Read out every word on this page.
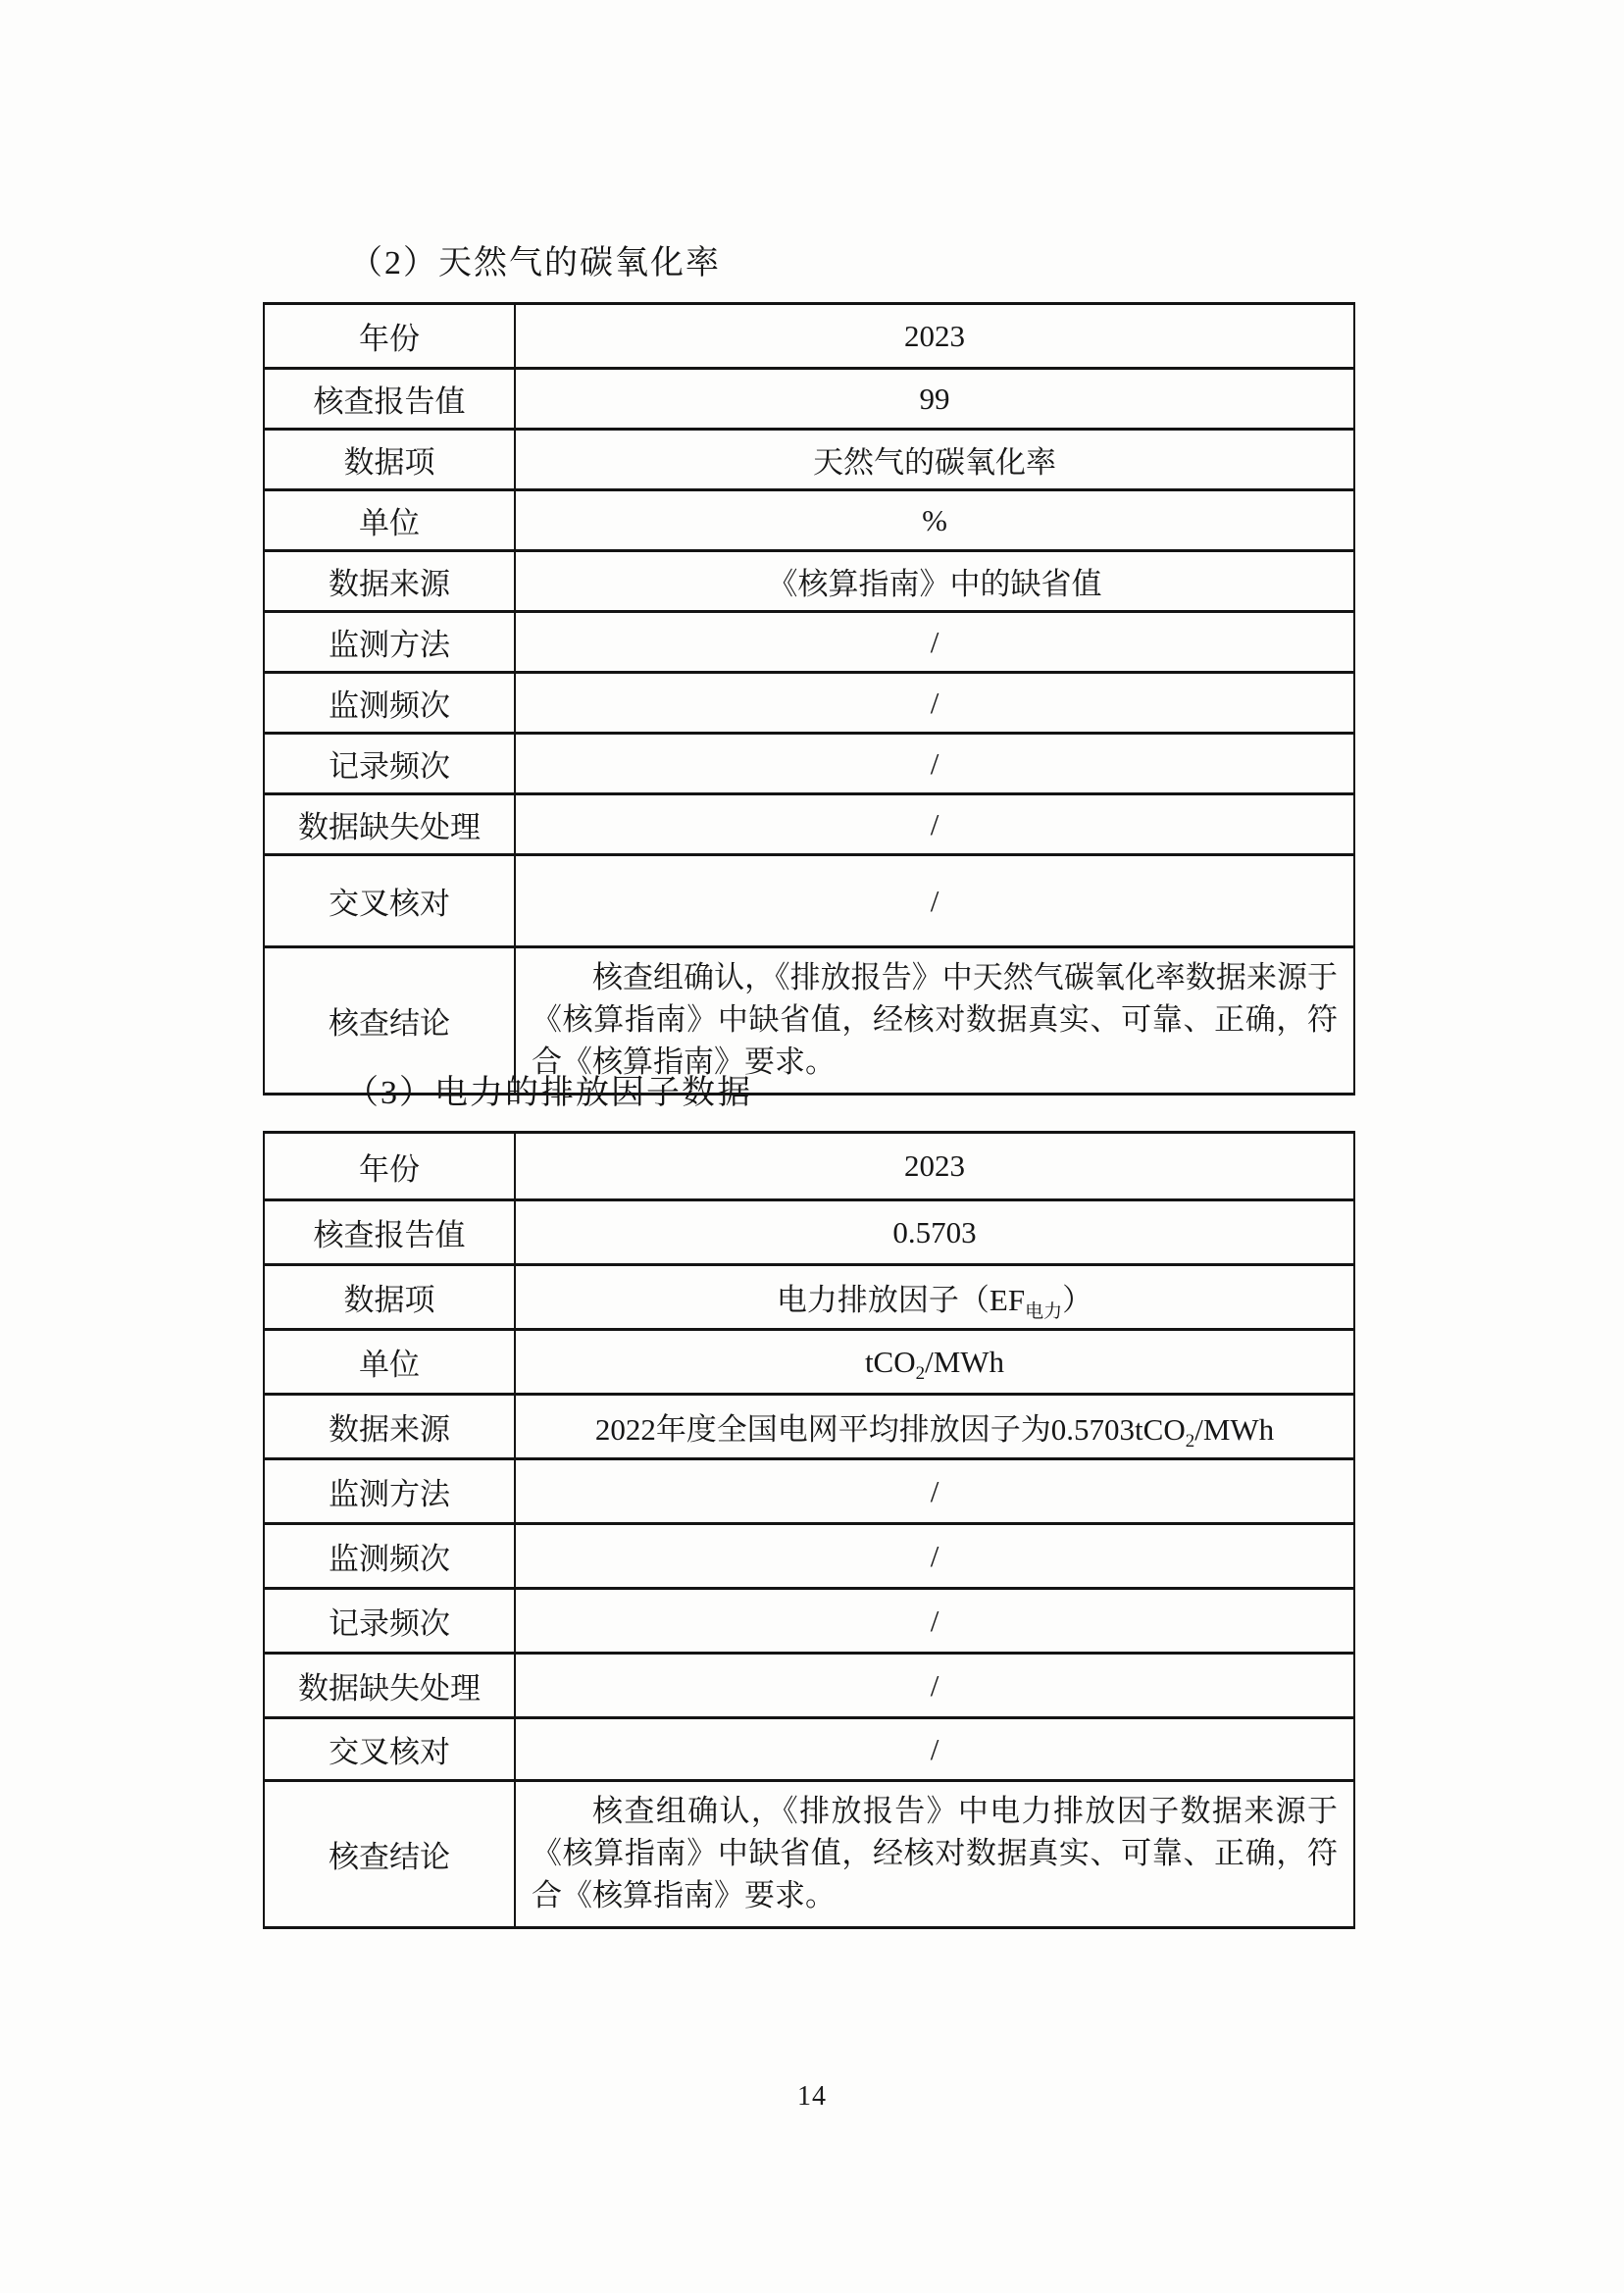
（2）天然气的碳氧化率
年份	2023
核查报告值	99
数据项	天然气的碳氧化率
单位	%
数据来源	《核算指南》中的缺省值
监测方法	/
监测频次	/
记录频次	/
数据缺失处理	/
交叉核对	/
核查结论	核查组确认，《排放报告》中天然气碳氧化率数据来源于《核算指南》中缺省值，经核对数据真实、可靠、正确，符合《核算指南》要求。
（3）电力的排放因子数据
年份	2023
核查报告值	0.5703
数据项	电力排放因子$(EF_{电力})$
单位	tCO$_2$/MWh
数据来源	2022年度全国电网平均排放因子为0.5703tCO$_2$/MWh
监测方法	/
监测频次	/
记录频次	/
数据缺失处理	/
交叉核对	/
核查结论	核查组确认，《排放报告》中电力排放因子数据来源于《核算指南》中缺省值，经核对数据真实、可靠、正确，符合《核算指南》要求。
14
